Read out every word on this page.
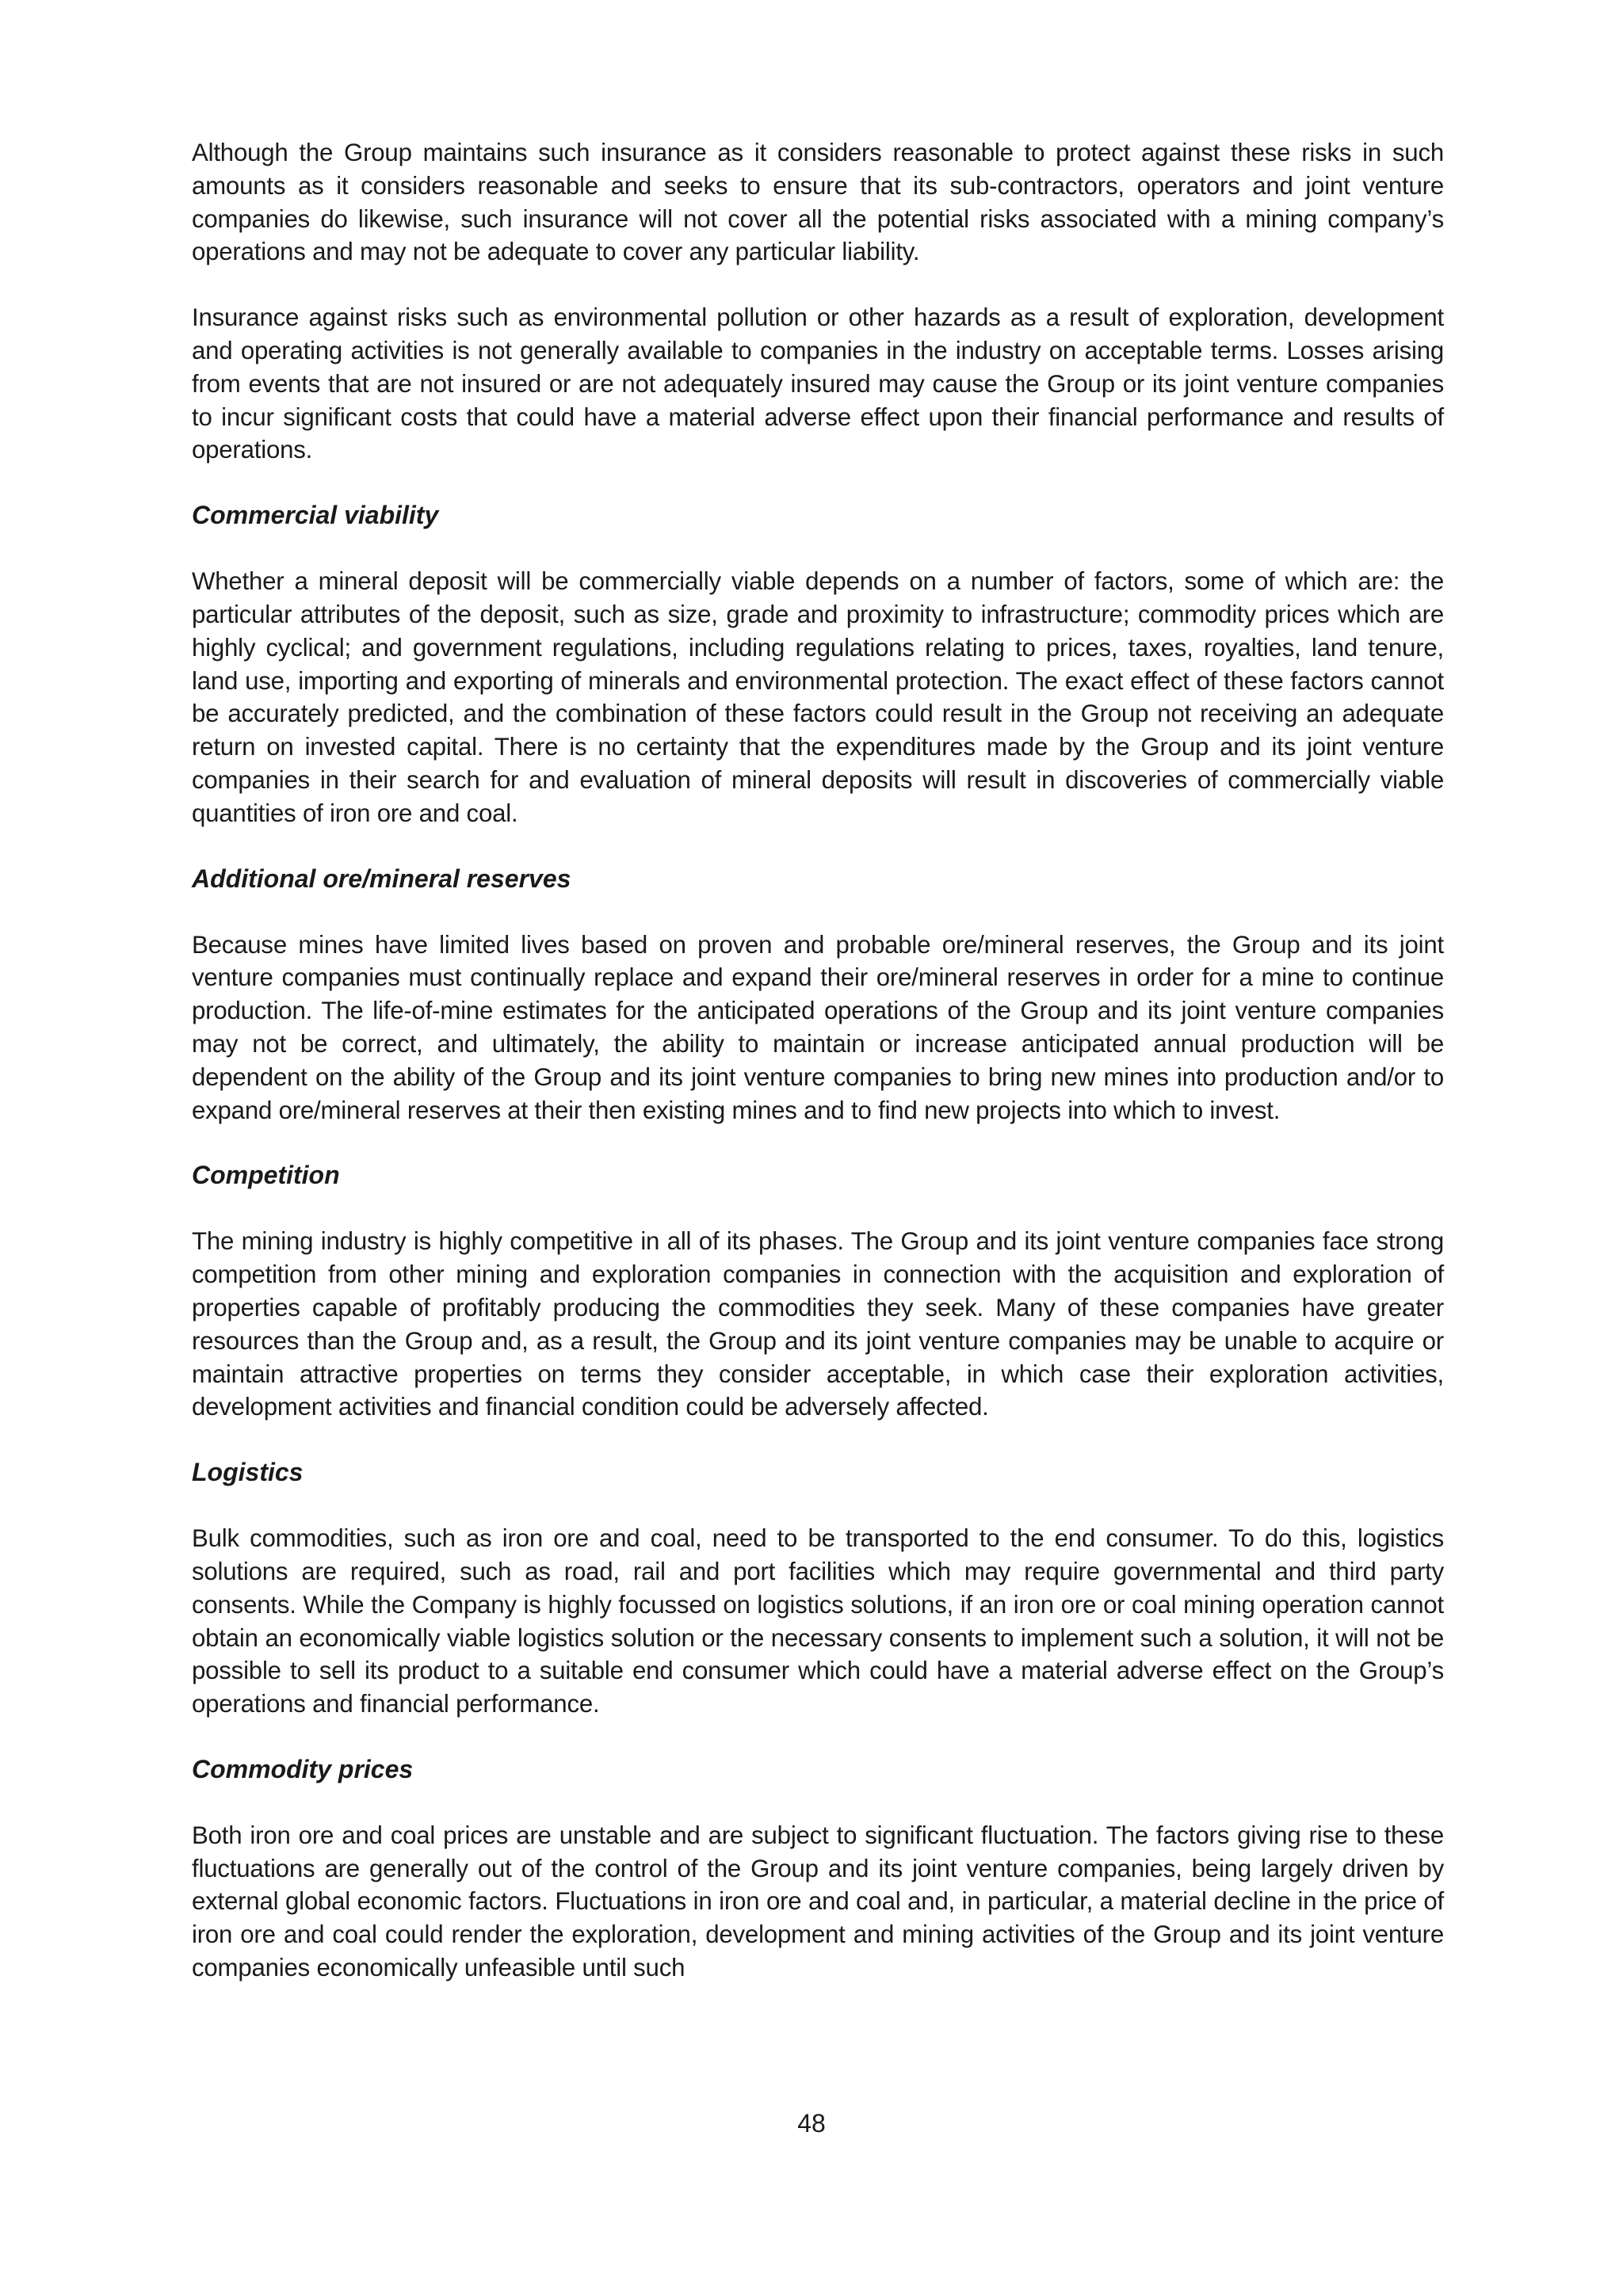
Although the Group maintains such insurance as it considers reasonable to protect against these risks in such amounts as it considers reasonable and seeks to ensure that its sub-contractors, operators and joint venture companies do likewise, such insurance will not cover all the potential risks associated with a mining company’s operations and may not be adequate to cover any particular liability.

Insurance against risks such as environmental pollution or other hazards as a result of exploration, development and operating activities is not generally available to companies in the industry on acceptable terms. Losses arising from events that are not insured or are not adequately insured may cause the Group or its joint venture companies to incur significant costs that could have a material adverse effect upon their financial performance and results of operations.

Commercial viability

Whether a mineral deposit will be commercially viable depends on a number of factors, some of which are: the particular attributes of the deposit, such as size, grade and proximity to infrastructure; commodity prices which are highly cyclical; and government regulations, including regulations relating to prices, taxes, royalties, land tenure, land use, importing and exporting of minerals and environmental protection. The exact effect of these factors cannot be accurately predicted, and the combination of these factors could result in the Group not receiving an adequate return on invested capital. There is no certainty that the expenditures made by the Group and its joint venture companies in their search for and evaluation of mineral deposits will result in discoveries of commercially viable quantities of iron ore and coal.

Additional ore/mineral reserves

Because mines have limited lives based on proven and probable ore/mineral reserves, the Group and its joint venture companies must continually replace and expand their ore/mineral reserves in order for a mine to continue production. The life-of-mine estimates for the anticipated operations of the Group and its joint venture companies may not be correct, and ultimately, the ability to maintain or increase anticipated annual production will be dependent on the ability of the Group and its joint venture companies to bring new mines into production and/or to expand ore/mineral reserves at their then existing mines and to find new projects into which to invest.

Competition

The mining industry is highly competitive in all of its phases. The Group and its joint venture companies face strong competition from other mining and exploration companies in connection with the acquisition and exploration of properties capable of profitably producing the commodities they seek. Many of these companies have greater resources than the Group and, as a result, the Group and its joint venture companies may be unable to acquire or maintain attractive properties on terms they consider acceptable, in which case their exploration activities, development activities and financial condition could be adversely affected.

Logistics

Bulk commodities, such as iron ore and coal, need to be transported to the end consumer. To do this, logistics solutions are required, such as road, rail and port facilities which may require governmental and third party consents. While the Company is highly focussed on logistics solutions, if an iron ore or coal mining operation cannot obtain an economically viable logistics solution or the necessary consents to implement such a solution, it will not be possible to sell its product to a suitable end consumer which could have a material adverse effect on the Group’s operations and financial performance.

Commodity prices

Both iron ore and coal prices are unstable and are subject to significant fluctuation. The factors giving rise to these fluctuations are generally out of the control of the Group and its joint venture companies, being largely driven by external global economic factors. Fluctuations in iron ore and coal and, in particular, a material decline in the price of iron ore and coal could render the exploration, development and mining activities of the Group and its joint venture companies economically unfeasible until such

48
